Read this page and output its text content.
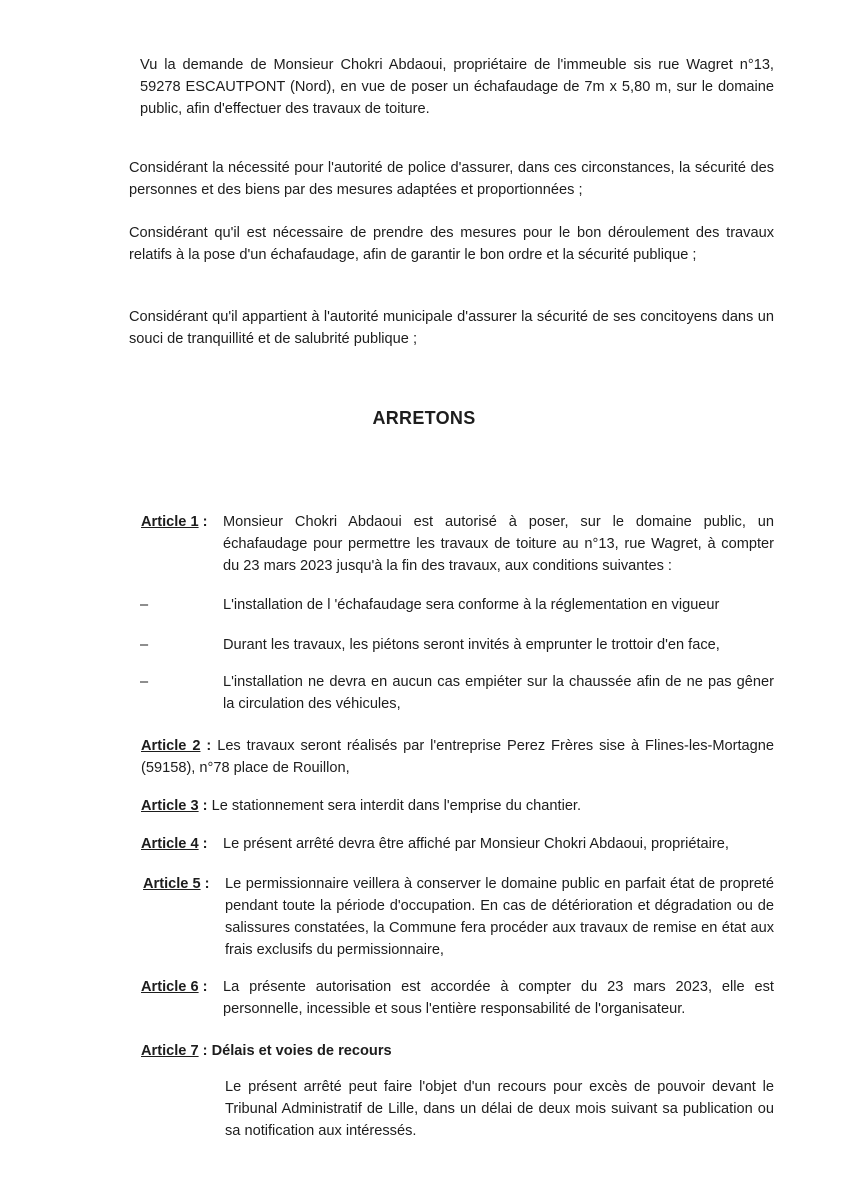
Vu la demande de Monsieur Chokri Abdaoui, propriétaire de l'immeuble sis rue Wagret n°13, 59278 ESCAUTPONT (Nord), en vue de poser un échafaudage de 7m x 5,80 m, sur le domaine public, afin d'effectuer des travaux de toiture.
Considérant la nécessité pour l'autorité de police d'assurer, dans ces circonstances, la sécurité des personnes et des biens par des mesures adaptées et proportionnées ;
Considérant qu'il est nécessaire de prendre des mesures pour le bon déroulement des travaux relatifs à la pose d'un échafaudage, afin de garantir le bon ordre et la sécurité publique ;
Considérant qu'il appartient à l'autorité municipale d'assurer la sécurité de ses concitoyens dans un souci de tranquillité et de salubrité publique ;
ARRETONS
Article 1 : Monsieur Chokri Abdaoui est autorisé à poser, sur le domaine public, un échafaudage pour permettre les travaux de toiture au n°13, rue Wagret, à compter du 23 mars 2023 jusqu'à la fin des travaux, aux conditions suivantes :
–	L'installation de l 'échafaudage sera conforme à la réglementation en vigueur
–	Durant les travaux, les piétons seront invités à emprunter le trottoir d'en face,
–	L'installation ne devra en aucun cas empiéter sur la chaussée afin de ne pas gêner la circulation des véhicules,
Article 2 : Les travaux seront réalisés par l'entreprise Perez Frères sise à Flines-les-Mortagne (59158), n°78 place de Rouillon,
Article 3 : Le stationnement sera interdit dans l'emprise du chantier.
Article 4 : Le présent arrêté devra être affiché par Monsieur Chokri Abdaoui, propriétaire,
Article 5 : Le permissionnaire veillera à conserver le domaine public en parfait état de propreté pendant toute la période d'occupation. En cas de détérioration et dégradation ou de salissures constatées, la Commune fera procéder aux travaux de remise en état aux frais exclusifs du permissionnaire,
Article 6 : La présente autorisation est accordée à compter du 23 mars 2023, elle est personnelle, incessible et sous l'entière responsabilité de l'organisateur.
Article 7 : Délais et voies de recours
Le présent arrêté peut faire l'objet d'un recours pour excès de pouvoir devant le Tribunal Administratif de Lille, dans un délai de deux mois suivant sa publication ou sa notification aux intéressés.
